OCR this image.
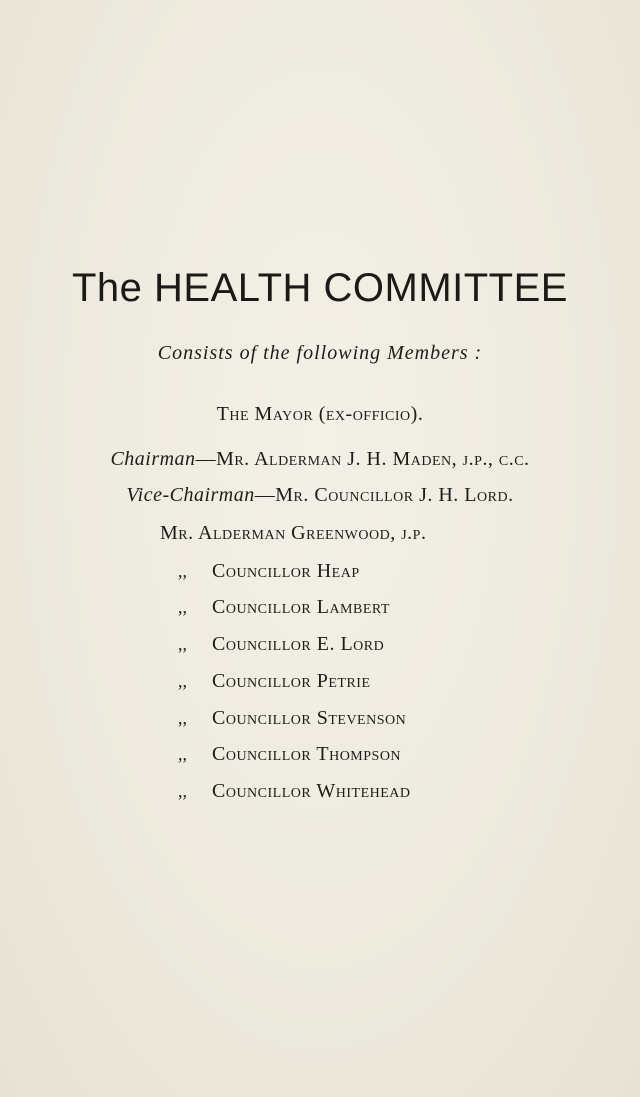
The HEALTH COMMITTEE
Consists of the following Members :
The Mayor (ex-officio).
Chairman—Mr. Alderman J. H. Maden, j.p., c.c.
Vice-Chairman—Mr. Councillor J. H. Lord.
Mr. Alderman Greenwood, j.p.
,, Councillor Heap
,, Councillor Lambert
,, Councillor E. Lord
,, Councillor Petrie
,, Councillor Stevenson
,, Councillor Thompson
,, Councillor Whitehead
